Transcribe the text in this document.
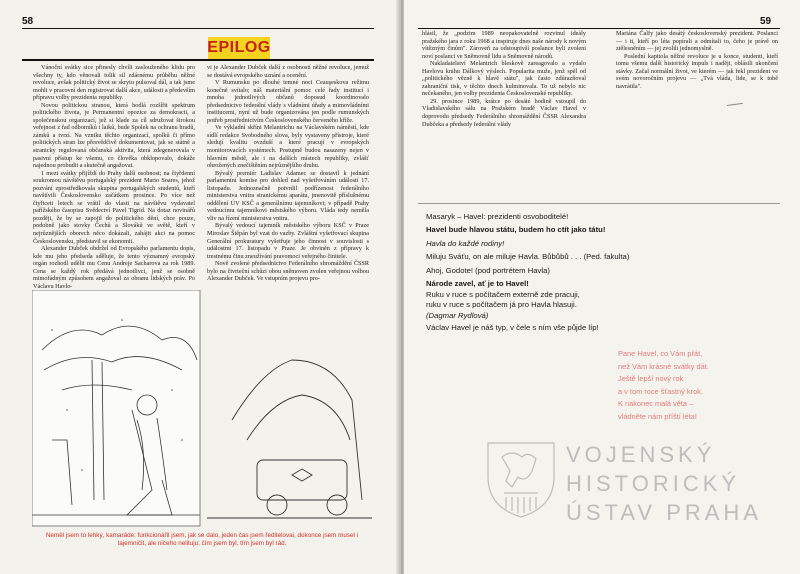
58
EPILOG

Vánoční svátky sice přinesly chvíli zaslouženého klidu pro všechny ty, kdo věnovali tolik sil zdárnému průběhu něžné revoluce, avšak politický život se skrytu pulsoval dál, a tak jsme mohli v pracovní den registrovat další akce, události a především přípravu volby prezidenta republiky.

Novou politickou stranou, která hodlá rozšířit spektrum politického života, je Permanentní opozice za demokracii, a společenskou organizací, jež si klade za cíl sdružovat širokou veřejnost z řad odborníků i laiků, bude Spolek na ochranu hradů, zámků a tvrzí. Na vzniku těchto organizací, spolků či přímo politických stran lze přesvědčivě dokumentovat, jak se státně a stranicky regulovaná občanská aktivita, která zdegenerovala v pasivní přístup ke všemu, co člověka obklopovalo, dokáže najednou probudit a skutečně angažovat.

1 mezi svátky přijíždí do Prahy další osobnost; na čtyřdenní soukromou návštěvu portugalský prezident Mario Soares, jehož pozvání zprostředkovala skupina portugalských studentů, kteří navštívili Československo začátkem prosince. Po více než čtyřiceti letech se vrátil do vlasti na návštěvu vydavatel pařížského časopisu Svědectví Pavel Tigrid. Na dotaz novinářů později, že by se zapojil do politického dění, chce pouze, podobně jako stovky Čechů a Slováků ve světě, kteří v nejrůznějších oborech něco dokázali, zahájit akci na pomoc Československu, představil se ekonomii.

Alexander Dubček obdržel od Evropského parlamentu dopis, kde mu jeho předseda sděluje, že tento významný evropský orgán rozhodl udělit mu Cenu Andreje Sacharova za rok 1989. Cena se každý rok předává jednotlivci, jenž se osobně mimořádným způsobem angažoval za obranu lidských práv. Po Václavu Havlo-

vi je Alexander Dubček další z osobností něžné revoluce, jemuž se dostává evropského uznání a ocenění.

V Rumunsku po dlouhé temné noci Ceauşeskova režimu konečně svítalo; náš materiální pomoc celé řady institucí i mnoha jednotlivých občanů doposud koordinovalo předsednictvo federální vlády s vládními úřady a mimovládními institucemi, nyní už bude organizována jen podle rumunských potřeb prostřednictvím Československého červeného kříže.

Ve výkladní skříni Melantrichu na Václavském náměstí, kde sídlí redakce Svobodného slova, byly vystaveny přístroje, které sledují kvalitu ovzduší a které pracují v evropských monitorovacích systémech. Postupně budou nasazeny nejen v hlavním městě, ale i na dalších místech republiky, zvlášť ohrožených znečištěním nejrůznějšího druhu.

Bývalý premiér Ladislav Adamec se dostavil k jednání parlamentní komise pro dohled nad vyšetřováním událostí 17. listopadu. Jednoznačně potvrdil podřízenost federálního ministerstva vnitra stranickému aparátu, jmenovitě příslušnému oddělení ÚV KSČ a generálnímu tajemníkovi; v případě Prahy vedoucímu tajemníkovi městského výboru. Vláda tedy neměla vliv na řízení ministerstva vnitra.

Bývalý vedoucí tajemník městského výboru KSČ v Praze Miroslav Štěpán byl vzat do vazby. Zvláštní vyšetřovací skupina Generální prokuratury vyšetřuje jeho činnost v souvislosti s událostmi 17. listopadu v Praze. Je obviněn z přípravy k trestnému činu zneužívání pravomoci veřejného činitele.

Nově zvolené předsednictvo Federálního shromáždění ČSSR bylo na čtvrteční schůzi obou sněmoven zvolen veřejnou volbou Alexander Dubček. Ve vstupním projevu pro-

Neměl jsem to lehký, kamaráde: funkcionářil jsem, jak se dalo, jeden čas jsem ředitelovai, dokonce jsem musel i tajemničit, ale ničeho nelituju; čím jsem byl, tím jsem byl rád.
59

hlásil, že „podzim 1989 neopakovatelně rozvinul ideály pražského jara z roku 1968 a inspiruje dnes naše národy k novým vítězným činům". Zároveň za odstoupivší poslance byli zvoleni noví poslanci ve Sněmovně lidu a Sněmovně národů.

Nakladatelství Melantrich bleskově zareagovalo a vydalo Havlovu knihu Dálkový výslech. Popularita muže, jenž spěl od „politického vězně k hlavě státu", jak často zdůrazňoval zahraniční tisk, v těchto dnech kulminovala. To už nebylo nic nečekaného, jen volby prezidenta Československé republiky.

29. prosince 1989, krátce po desáté hodině vstoupil do Vladislavského sálu na Pražském hradě Václav Havel v doprovodu předsedy Federálního shromáždění ČSSR Alexandra Dubčeka a předsedy federální vlády

Mariána Čalfy jako desátý československý prezident. Poslanci — i ti, kteří po léta popírali a odmítali to, čeho je právě on ztělesněním — jej zvolili jednomyslně.

Poslední kapitola něžné revoluce je u konce, studenti, kteří tomu všemu další historický impuls i naději, oblásili ukončení stávky. Začal normální život, ve kterém — jak řekl prezident ve svém novoročním projevu — „Tvá vláda, lide, se k tobě navrátila".

Masaryk – Havel: prezidenti osvoboditelé!
Havel bude hlavou státu, budem ho ctít jako tátu!
Havla do každé rodiny!
Miluju Sváťu, on ale miluje Havla. Bůbůbů . . . (Ped. fakulta)
Ahoj, Godote! (pod portrétem Havla)
Národe zavel, ať je to Havel!
Ruku v ruce s počítačem externě zde pracuji,
ruku v ruce s počítačem já pro Havla hlasuji.
(Dagmar Rydlová)
Václav Havel je náš typ, v čele s ním vše půjde líp!
Pane Havel, co Vám přát,
než Vám krásné svátky dát.
Ještě lepší nový rok
a v tom roce šťastný krok.
K nakonec malá věta –
vládněte nám příští léta!
VOJENSKÝ
HISTORICKÝ
ÚSTAV PRAHA
